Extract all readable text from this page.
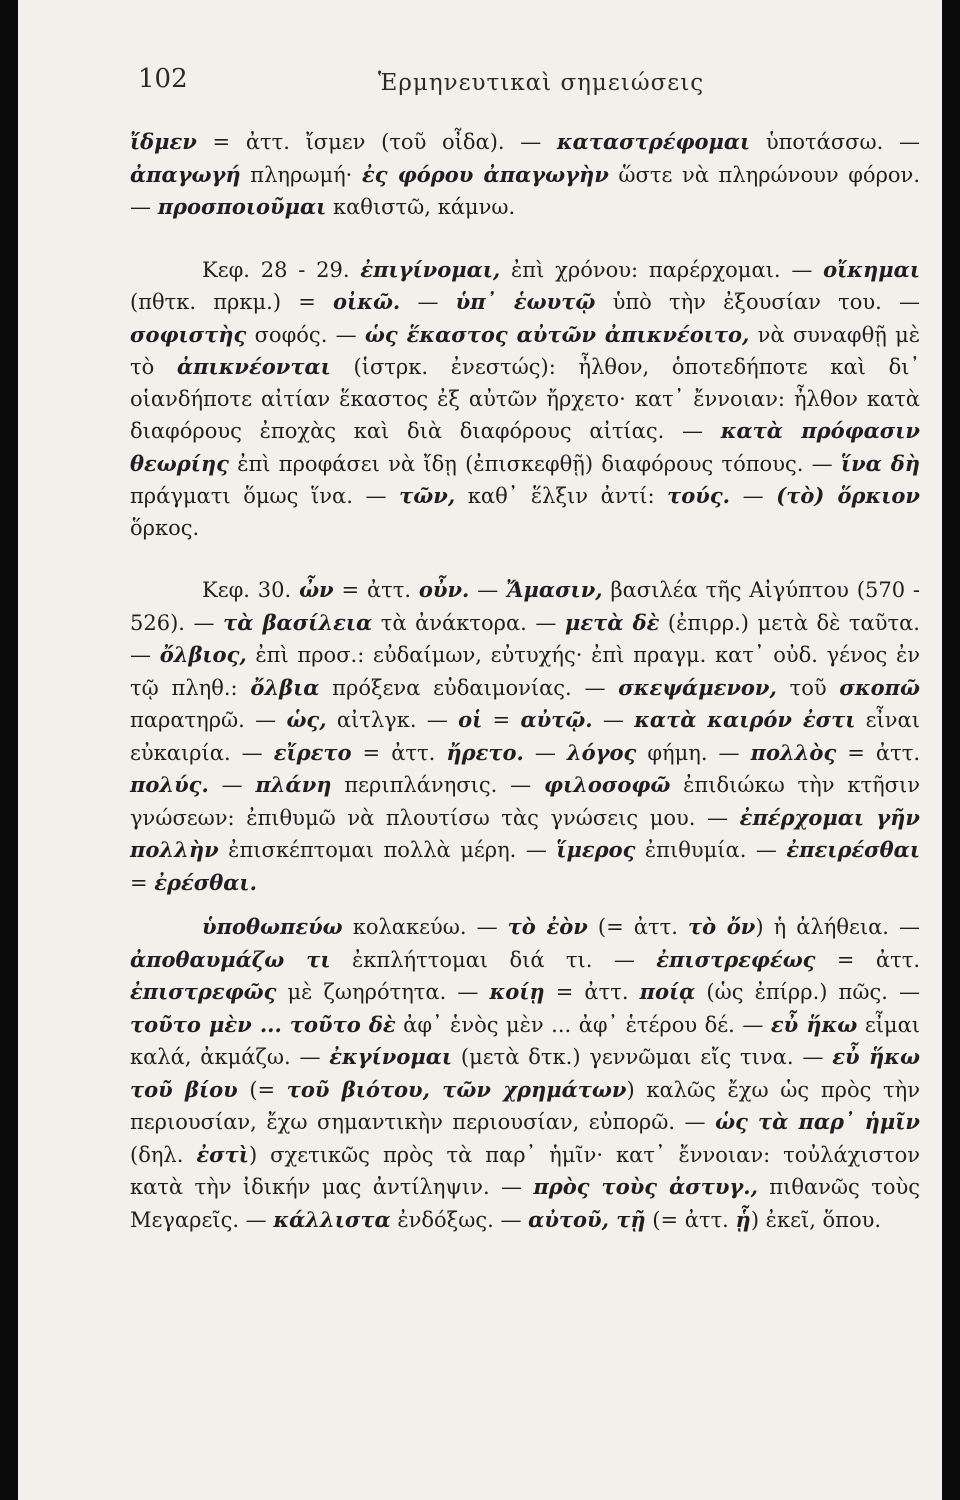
102	Ἑρμηνευτικαὶ σημειώσεις

ἴδμεν = ἀττ. ἴσμεν (τοῦ οἶδα). — καταστρέφομαι ὑποτάσσω. — ἀπαγωγή πληρωμή· ἐς φόρου ἀπαγωγὴν ὥστε νὰ πληρώνουν φόρον. — προσποιοῦμαι καθιστῶ, κάμνω.

Κεφ. 28 - 29. ἐπιγίνομαι, ἐπὶ χρόνου: παρέρχομαι. — οἴκημαι (πθτκ. πρκμ.) = οἰκῶ. — ὑπ᾽ ἑωυτῷ ὑπὸ τὴν ἐξουσίαν του. — σοφιστὴς σοφός. — ὡς ἕκαστος αὐτῶν ἀπικνέοιτο, νὰ συναφθῇ μὲ τὸ ἀπικνέονται (ἱστρκ. ἐνεστώς): ἦλθον, ὁποτεδήποτε καὶ δι᾽ οἱανδήποτε αἰτίαν ἕκαστος ἐξ αὐτῶν ἤρχετο· κατ᾽ ἔννοιαν: ἦλθον κατὰ διαφόρους ἐποχὰς καὶ διὰ διαφόρους αἰτίας. — κατὰ πρόφασιν θεωρίης ἐπὶ προφάσει νὰ ἴδῃ (ἐπισκεφθῇ) διαφόρους τόπους. — ἵνα δὴ πράγματι ὅμως ἵνα. — τῶν, καθ᾽ ἕλξιν ἀντί: τούς. — (τὸ) ὅρκιον ὅρκος.

Κεφ. 30. ὦν = ἀττ. οὖν. — Ἄμασιν, βασιλέα τῆς Αἰγύπτου (570 - 526). — τὰ βασίλεια τὰ ἀνάκτορα. — μετὰ δὲ (ἐπιρρ.) μετὰ δὲ ταῦτα. — ὄλβιος, ἐπὶ προσ.: εὐδαίμων, εὐτυχής· ἐπὶ πραγμ. κατ᾽ οὐδ. γένος ἐν τῷ πληθ.: ὄλβια πρόξενα εὐδαιμονίας. — σκεψάμενον, τοῦ σκοπῶ παρατηρῶ. — ὡς, αἰτλγκ. — οἱ = αὐτῷ. — κατὰ καιρόν ἐστι εἶναι εὐκαιρία. — εἴρετο = ἀττ. ἤρετο. — λόγος φήμη. — πολλὸς = ἀττ. πολύς. — πλάνη περιπλάνησις. — φιλοσοφῶ ἐπιδιώκω τὴν κτῆσιν γνώσεων: ἐπιθυμῶ νὰ πλουτίσω τὰς γνώσεις μου. — ἐπέρχομαι γῆν πολλὴν ἐπισκέπτομαι πολλὰ μέρη. — ἵμερος ἐπιθυμία. — ἐπειρέσθαι = ἐρέσθαι.

ὑποθωπεύω κολακεύω. — τὸ ἐὸν (= ἀττ. τὸ ὄν) ἡ ἀλήθεια. — ἀποθαυμάζω τι ἐκπλήττομαι διά τι. — ἐπιστρεφέως = ἀττ. ἐπιστρεφῶς μὲ ζωηρότητα. — κοίῃ = ἀττ. ποίᾳ (ὡς ἐπίρρ.) πῶς. — τοῦτο μὲν ... τοῦτο δὲ ἀφ᾽ ἑνὸς μὲν ... ἀφ᾽ ἑτέρου δέ. — εὖ ἥκω εἶμαι καλά, ἀκμάζω. — ἐκγίνομαι (μετὰ δτκ.) γεννῶμαι εἴς τινα. — εὖ ἥκω τοῦ βίου (= τοῦ βιότου, τῶν χρημάτων) καλῶς ἔχω ὡς πρὸς τὴν περιουσίαν, ἔχω σημαντικὴν περιουσίαν, εὐπορῶ. — ὡς τὰ παρ᾽ ἡμῖν (δηλ. ἐστὶ) σχετικῶς πρὸς τὰ παρ᾽ ἡμῖν· κατ᾽ ἔννοιαν: τοὐλάχιστον κατὰ τὴν ἰδικήν μας ἀντίληψιν. — πρὸς τοὺς ἀστυγ., πιθανῶς τοὺς Μεγαρεῖς. — κάλλιστα ἐνδόξως. — αὐτοῦ, τῇ (= ἀττ. ᾗ) ἐκεῖ, ὅπου.
